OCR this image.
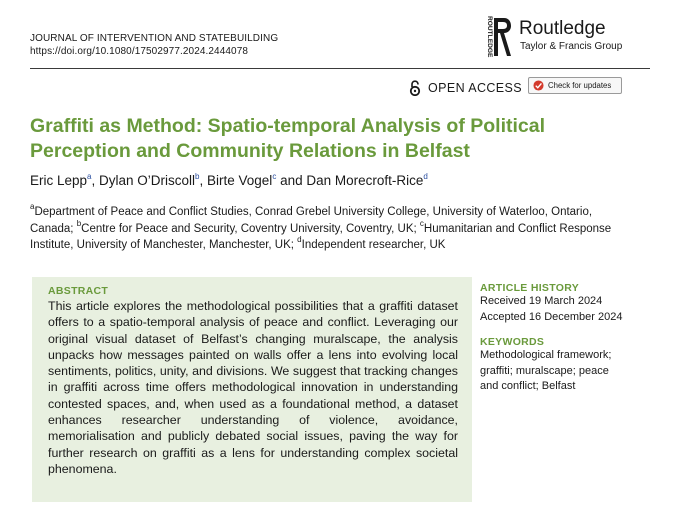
JOURNAL OF INTERVENTION AND STATEBUILDING
https://doi.org/10.1080/17502977.2024.2444078	ROUTLEDGE Routledge
Taylor & Francis Group
OPEN ACCESS	Check for updates
Graffiti as Method: Spatio-temporal Analysis of Political Perception and Community Relations in Belfast
Eric Lepp$^a$, Dylan O’Driscoll$^b$, Birte Vogel$^c$ and Dan Morecroft-Rice$^d$
$^a$Department of Peace and Conflict Studies, Conrad Grebel University College, University of Waterloo, Ontario, Canada; $^b$Centre for Peace and Security, Coventry University, Coventry, UK; $^c$Humanitarian and Conflict Response Institute, University of Manchester, Manchester, UK; $^d$Independent researcher, UK
ABSTRACT

This article explores the methodological possibilities that a graffiti dataset offers to a spatio-temporal analysis of peace and conflict. Leveraging our original visual dataset of Belfast’s changing muralscape, the analysis unpacks how messages painted on walls offer a lens into evolving local sentiments, politics, unity, and divisions. We suggest that tracking changes in graffiti across time offers methodological innovation in understanding contested spaces, and, when used as a foundational method, a dataset enhances researcher understanding of violence, avoidance, memorialisation and publicly debated social issues, paving the way for further research on graffiti as a lens for understanding complex societal phenomena.

ARTICLE HISTORY
Received 19 March 2024
Accepted 16 December 2024
KEYWORDS
Methodological framework; graffiti; muralscape; peace and conflict; Belfast
